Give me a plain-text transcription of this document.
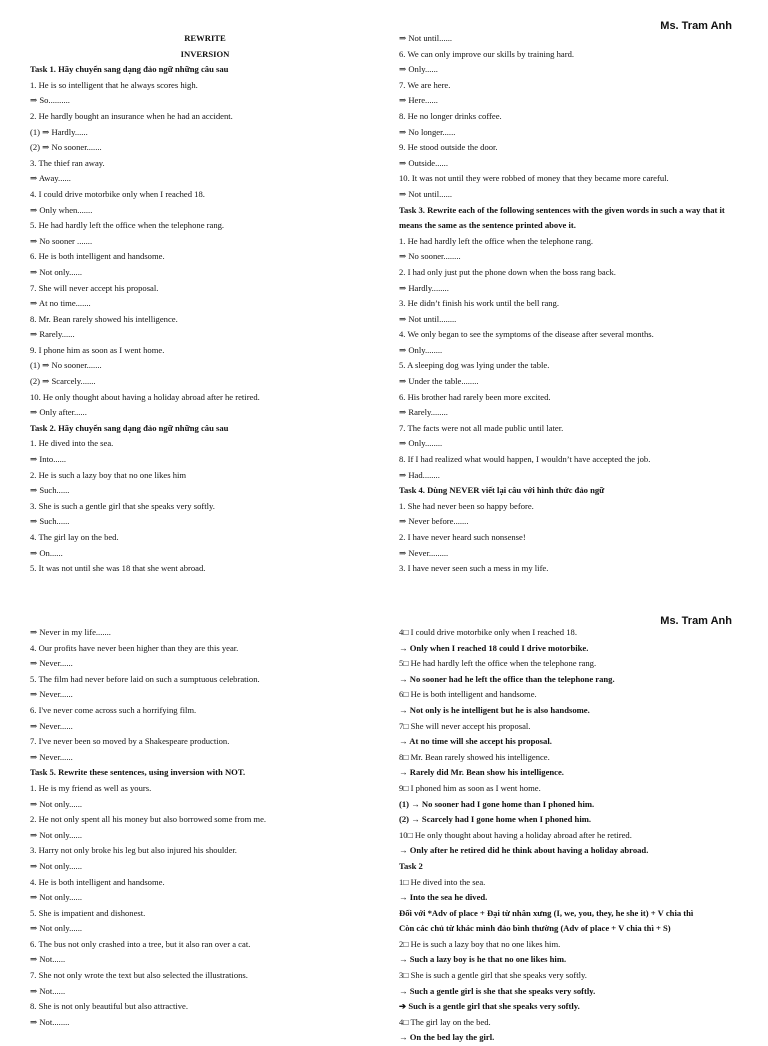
Ms. Tram Anh
Ms. Tram Anh
REWRITE
INVERSION
Task 1. Hãy chuyển sang dạng đảo ngữ những câu sau
1. He is so intelligent that he always scores high.
⇒ So..........
2. He hardly bought an insurance when he had an accident.
(1) ⇒ Hardly......
(2) ⇒ No sooner.......
3. The thief ran away.
⇒ Away......
4. I could drive motorbike only when I reached 18.
⇒ Only when.......
5. He had hardly left the office when the telephone rang.
⇒ No sooner .......
6. He is both intelligent and handsome.
⇒ Not only......
7. She will never accept his proposal.
⇒ At no time.......
8. Mr. Bean rarely showed his intelligence.
⇒ Rarely......
9. I phone him as soon as I went home.
(1) ⇒ No sooner.......
(2) ⇒ Scarcely.......
10. He only thought about having a holiday abroad after he retired.
⇒ Only after......
Task 2. Hãy chuyển sang dạng đảo ngữ những câu sau
1. He dived into the sea.
⇒ Into......
2. He is such a lazy boy that no one likes him
⇒ Such......
3. She is such a gentle girl that she speaks very softly.
⇒ Such......
4. The girl lay on the bed.
⇒ On......
5. It was not until she was 18 that she went abroad.
⇒ Not until......
6. We can only improve our skills by training hard.
⇒ Only......
7. We are here.
⇒ Here......
8. He no longer drinks coffee.
⇒ No longer......
9. He stood outside the door.
⇒ Outside......
10. It was not until they were robbed of money that they became more careful.
⇒ Not until......
Task 3. Rewrite each of the following sentences with the given words in such a way that it
means the same as the sentence printed above it.
1. He had hardly left the office when the telephone rang.
⇒ No sooner........
2. I had only just put the phone down when the boss rang back.
⇒ Hardly........
3. He didn’t finish his work until the bell rang.
⇒ Not until........
4. We only began to see the symptoms of the disease after several months.
⇒ Only........
5. A sleeping dog was lying under the table.
⇒ Under the table........
6. His brother had rarely been more excited.
⇒ Rarely........
7. The facts were not all made public until later.
⇒ Only........
8. If I had realized what would happen, I wouldn’t have accepted the job.
⇒ Had........
Task 4. Dùng NEVER viết lại câu với hình thức đảo ngữ
1. She had never been so happy before.
⇒ Never before.......
2. I have never heard such nonsense!
⇒ Never.........
3. I have never seen such a mess in my life.
⇒ Never in my life.......
4. Our profits have never been higher than they are this year.
⇒ Never......
5. The film had never before laid on such a sumptuous celebration.
⇒ Never......
6. I've never come across such a horrifying film.
⇒ Never......
7. I've never been so moved by a Shakespeare production.
⇒ Never......
Task 5. Rewrite these sentences, using inversion with NOT.
1. He is my friend as well as yours.
⇒ Not only......
2. He not only spent all his money but also borrowed some from me.
⇒ Not only......
3. Harry not only broke his leg but also injured his shoulder.
⇒ Not only......
4. He is both intelligent and handsome.
⇒ Not only......
5. She is impatient and dishonest.
⇒ Not only......
6. The bus not only crashed into a tree, but it also ran over a cat.
⇒ Not......
7. She not only wrote the text but also selected the illustrations.
⇒ Not......
8. She is not only beautiful but also attractive.
⇒ Not........
4□ I could drive motorbike only when I reached 18.
→ Only when I reached 18 could I drive motorbike.
5□ He had hardly left the office when the telephone rang.
→ No sooner had he left the office than the telephone rang.
6□ He is both intelligent and handsome.
→ Not only is he intelligent but he is also handsome.
7□ She will never accept his proposal.
→ At no time will she accept his proposal.
8□ Mr. Bean rarely showed his intelligence.
→ Rarely did Mr. Bean show his intelligence.
9□ I phoned him as soon as I went home.
(1) → No sooner had I gone home than I phoned him.
(2) → Scarcely had I gone home when I phoned him.
10□ He only thought about having a holiday abroad after he retired.
→ Only after he retired did he think about having a holiday abroad.
Task 2
1□ He dived into the sea.
→ Into the sea he dived.
Đối với *Adv of place + Đại từ nhân xưng (I, we, you, they, he she it) + V chia thì
Còn các chủ từ khác mình đảo bình thường (Adv of place + V chia thì + S)
2□ He is such a lazy boy that no one likes him.
→ Such a lazy boy is he that no one likes him.
3□ She is such a gentle girl that she speaks very softly.
→ Such a gentle girl is she that she speaks very softly.
➔ Such is a gentle girl that she speaks very softly.
4□ The girl lay on the bed.
→ On the bed lay the girl.
